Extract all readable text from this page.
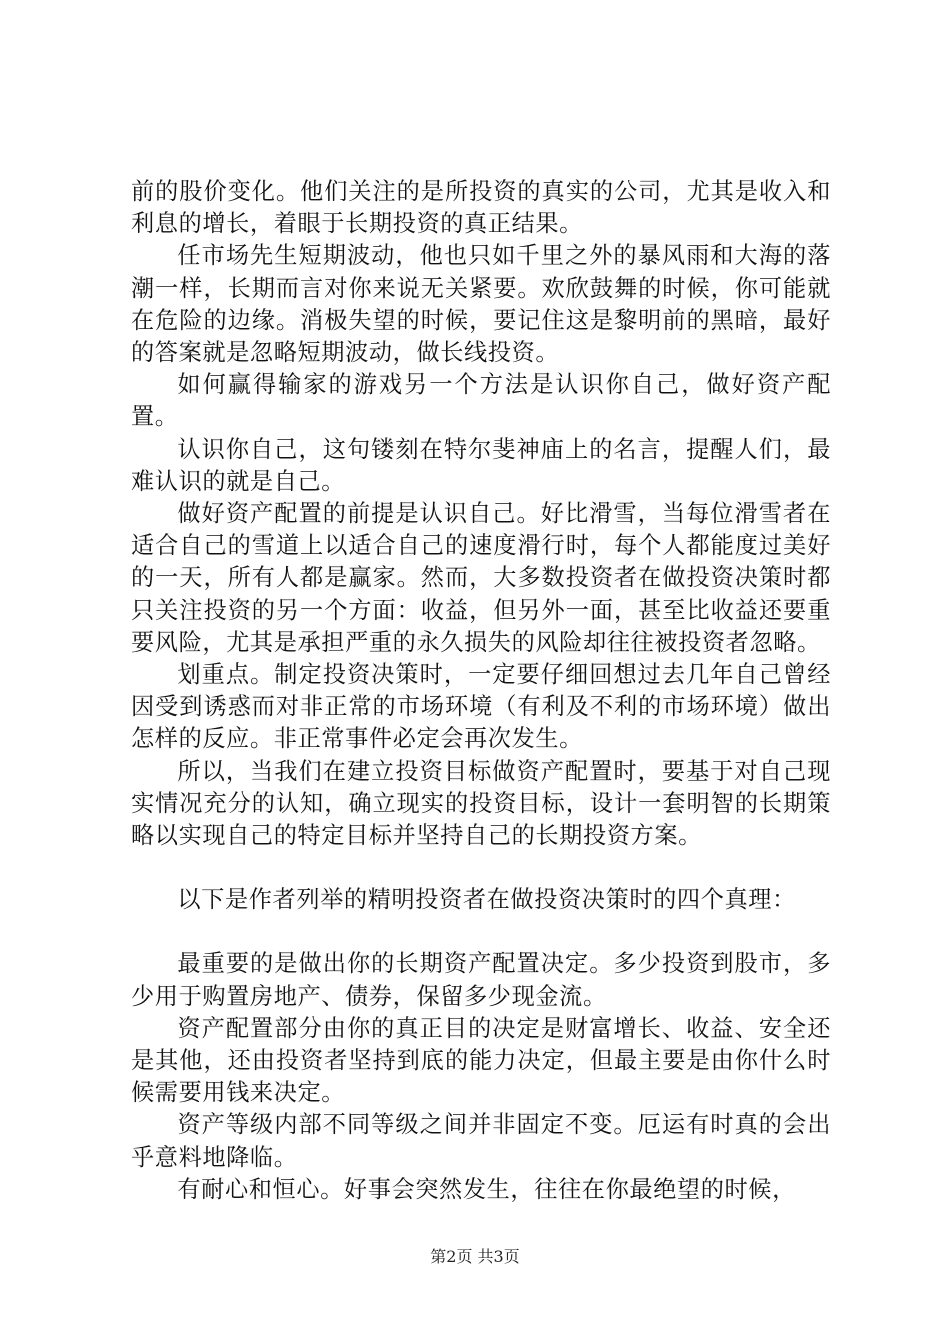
前的股价变化。他们关注的是所投资的真实的公司，尤其是收入和利息的增长，着眼于长期投资的真正结果。

任市场先生短期波动，他也只如千里之外的暴风雨和大海的落潮一样，长期而言对你来说无关紧要。欢欣鼓舞的时候，你可能就在危险的边缘。消极失望的时候，要记住这是黎明前的黑暗，最好的答案就是忽略短期波动，做长线投资。

如何赢得输家的游戏另一个方法是认识你自己，做好资产配置。

认识你自己，这句镂刻在特尔斐神庙上的名言，提醒人们，最难认识的就是自己。

做好资产配置的前提是认识自己。好比滑雪，当每位滑雪者在适合自己的雪道上以适合自己的速度滑行时，每个人都能度过美好的一天，所有人都是赢家。然而，大多数投资者在做投资决策时都只关注投资的另一个方面：收益，但另外一面，甚至比收益还要重要风险，尤其是承担严重的永久损失的风险却往往被投资者忽略。

划重点。制定投资决策时，一定要仔细回想过去几年自己曾经因受到诱惑而对非正常的市场环境（有利及不利的市场环境）做出怎样的反应。非正常事件必定会再次发生。

所以，当我们在建立投资目标做资产配置时，要基于对自己现实情况充分的认知，确立现实的投资目标，设计一套明智的长期策略以实现自己的特定目标并坚持自己的长期投资方案。

以下是作者列举的精明投资者在做投资决策时的四个真理：

最重要的是做出你的长期资产配置决定。多少投资到股市，多少用于购置房地产、债券，保留多少现金流。

资产配置部分由你的真正目的决定是财富增长、收益、安全还是其他，还由投资者坚持到底的能力决定，但最主要是由你什么时候需要用钱来决定。

资产等级内部不同等级之间并非固定不变。厄运有时真的会出乎意料地降临。

有耐心和恒心。好事会突然发生，往往在你最绝望的时候，

第2页 共3页
